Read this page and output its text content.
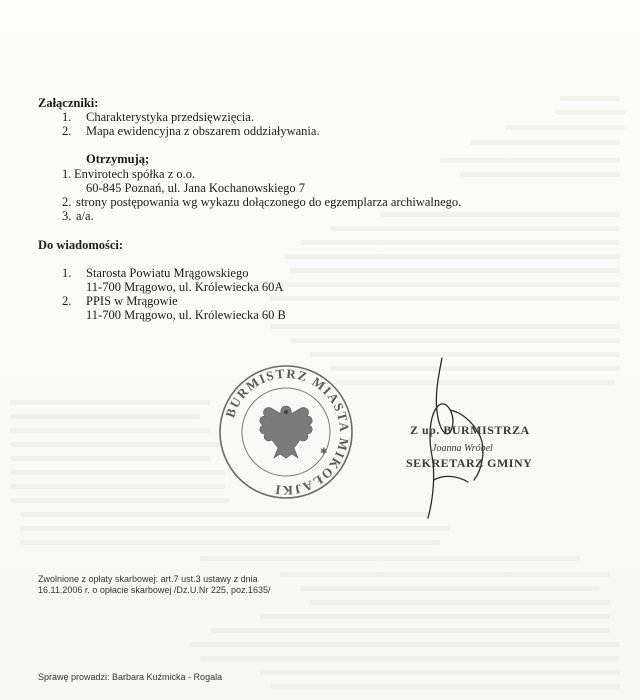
Załączniki:
1. Charakterystyka przedsięwzięcia.
2. Mapa ewidencyjna z obszarem oddziaływania.
Otrzymują;
1. Envirotech spółka z o.o.
60-845 Poznań, ul. Jana Kochanowskiego 7
2. strony postępowania wg wykazu dołączonego do egzemplarza archiwalnego.
3. a/a.
Do wiadomości:
1. Starosta Powiatu Mrągowskiego
11-700 Mrągowo, ul. Królewiecka 60A
2. PPIS w Mrągowie
11-700 Mrągowo, ul. Królewiecka 60 B
BURMISTRZ MIASTA MIKOŁAJKI
✱
Z up. BURMISTRZA
Joanna Wróbel
SEKRETARZ GMINY
Zwolnione z opłaty skarbowej: art.7 ust.3 ustawy z dnia
16.11.2006 r. o opłacie skarbowej /Dz.U.Nr 225, poz.1635/
Sprawę prowadzi: Barbara Kuźmicka - Rogala
